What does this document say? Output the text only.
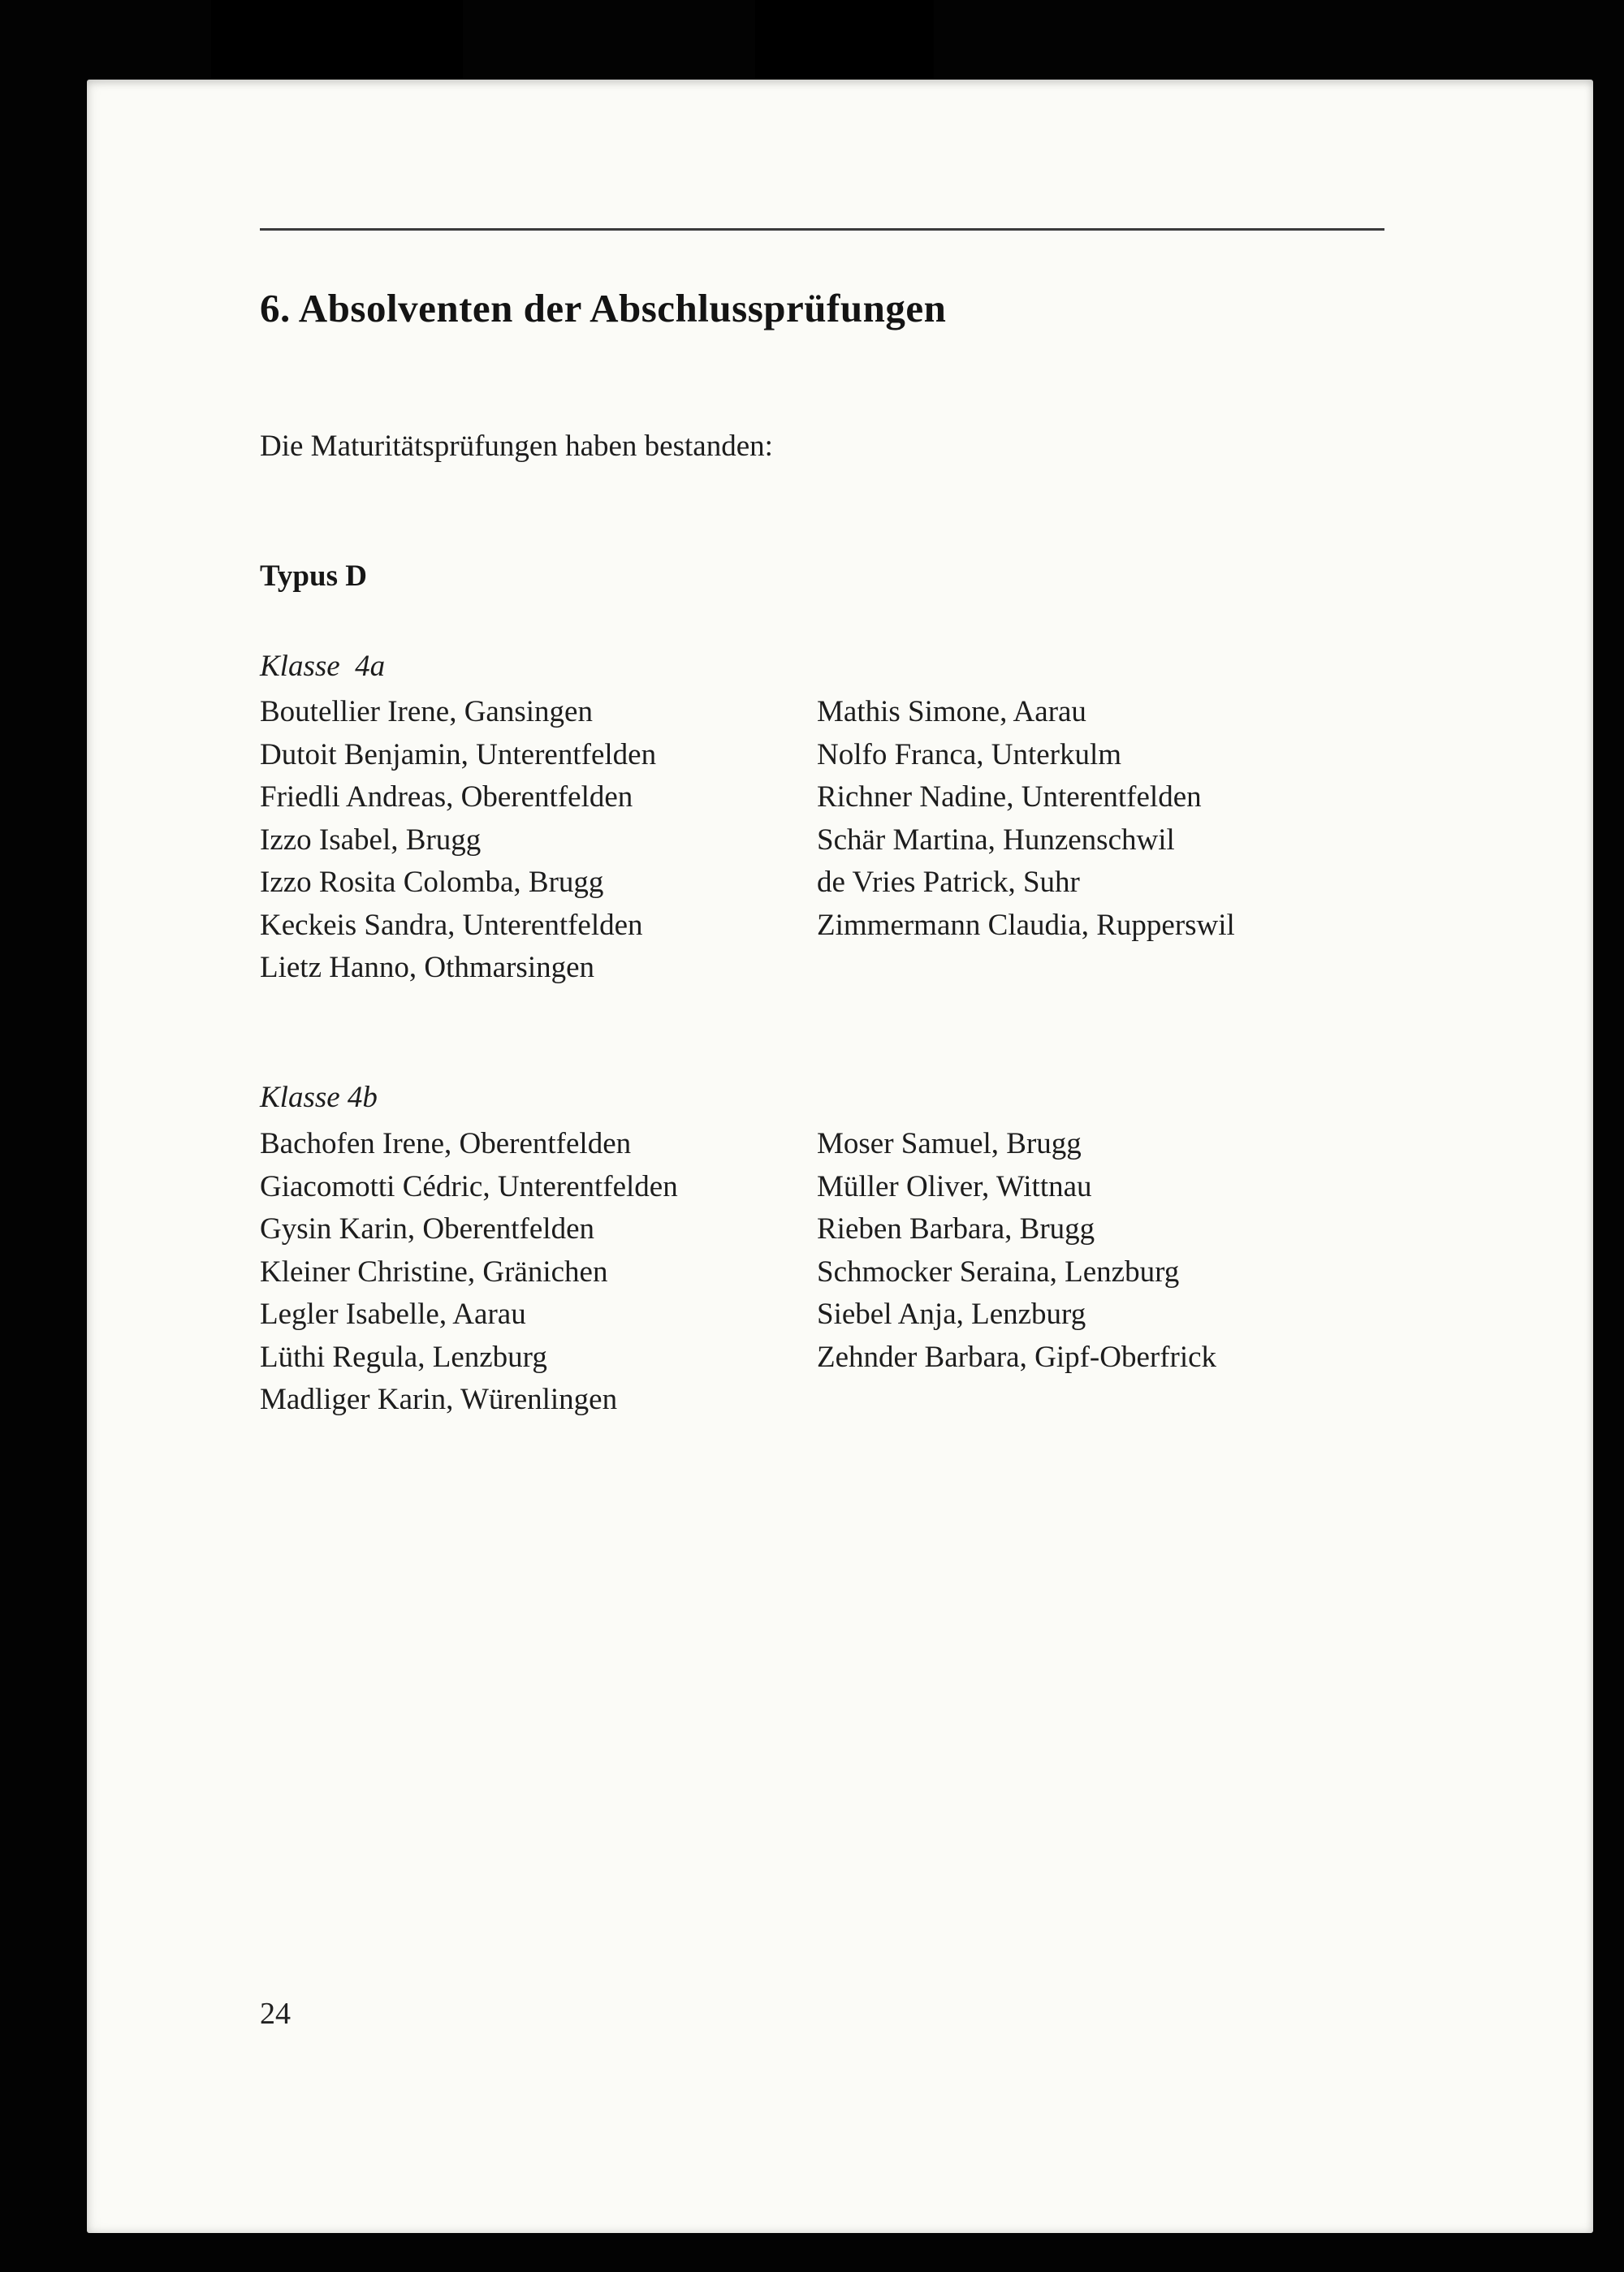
6. Absolventen der Abschlussprüfungen

Die Maturitätsprüfungen haben bestanden:

Typus D
Klasse  4a
Boutellier Irene, Gansingen
Dutoit Benjamin, Unterentfelden
Friedli Andreas, Oberentfelden
Izzo Isabel, Brugg
Izzo Rosita Colomba, Brugg
Keckeis Sandra, Unterentfelden
Lietz Hanno, Othmarsingen
Mathis Simone, Aarau
Nolfo Franca, Unterkulm
Richner Nadine, Unterentfelden
Schär Martina, Hunzenschwil
de Vries Patrick, Suhr
Zimmermann Claudia, Rupperswil
Klasse 4b
Bachofen Irene, Oberentfelden
Giacomotti Cédric, Unterentfelden
Gysin Karin, Oberentfelden
Kleiner Christine, Gränichen
Legler Isabelle, Aarau
Lüthi Regula, Lenzburg
Madliger Karin, Würenlingen
Moser Samuel, Brugg
Müller Oliver, Wittnau
Rieben Barbara, Brugg
Schmocker Seraina, Lenzburg
Siebel Anja, Lenzburg
Zehnder Barbara, Gipf-Oberfrick
24
